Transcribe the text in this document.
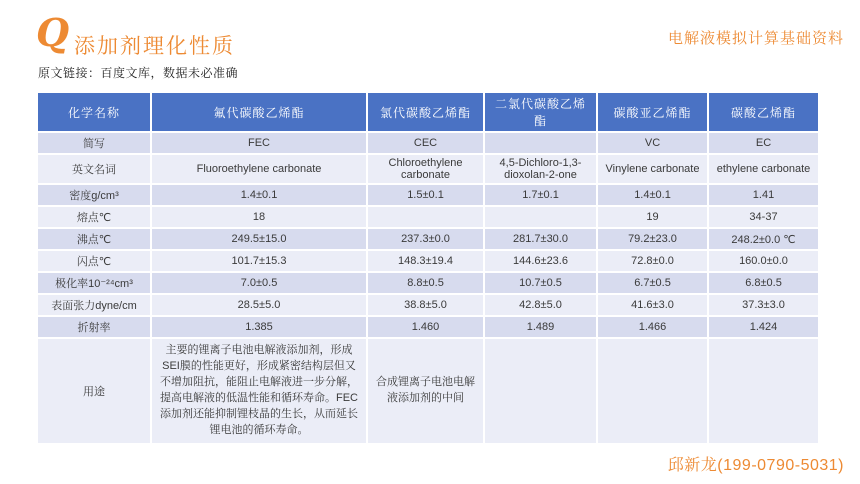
Q 添加剂理化性质	电解液模拟计算基础资料
原文链接：百度文库，数据未必准确
化学名称	氟代碳酸乙烯酯	氯代碳酸乙烯酯	二氯代碳酸乙烯酯	碳酸亚乙烯酯	碳酸乙烯酯
简写	FEC	CEC		VC	EC
英文名词	Fluoroethylene carbonate	Chloroethylene carbonate	4,5-Dichloro-1,3-dioxolan-2-one	Vinylene carbonate	ethylene carbonate
密度g/cm³	1.4±0.1	1.5±0.1	1.7±0.1	1.4±0.1	1.41
熔点℃	18			19	34-37
沸点℃	249.5±15.0	237.3±0.0	281.7±30.0	79.2±23.0	248.2±0.0 ℃
闪点℃	101.7±15.3	148.3±19.4	144.6±23.6	72.8±0.0	160.0±0.0
极化率10⁻²⁴cm³	7.0±0.5	8.8±0.5	10.7±0.5	6.7±0.5	6.8±0.5
表面张力dyne/cm	28.5±5.0	38.8±5.0	42.8±5.0	41.6±3.0	37.3±3.0
折射率	1.385	1.460	1.489	1.466	1.424
用途	主要的锂离子电池电解液添加剂，形成SEI膜的性能更好，形成紧密结构层但又不增加阻抗，能阻止电解液进一步分解，提高电解液的低温性能和循环寿命。FEC添加剂还能抑制锂枝晶的生长，从而延长锂电池的循环寿命。	合成锂离子电池电解液添加剂的中间			
邱新龙(199-0790-5031)
